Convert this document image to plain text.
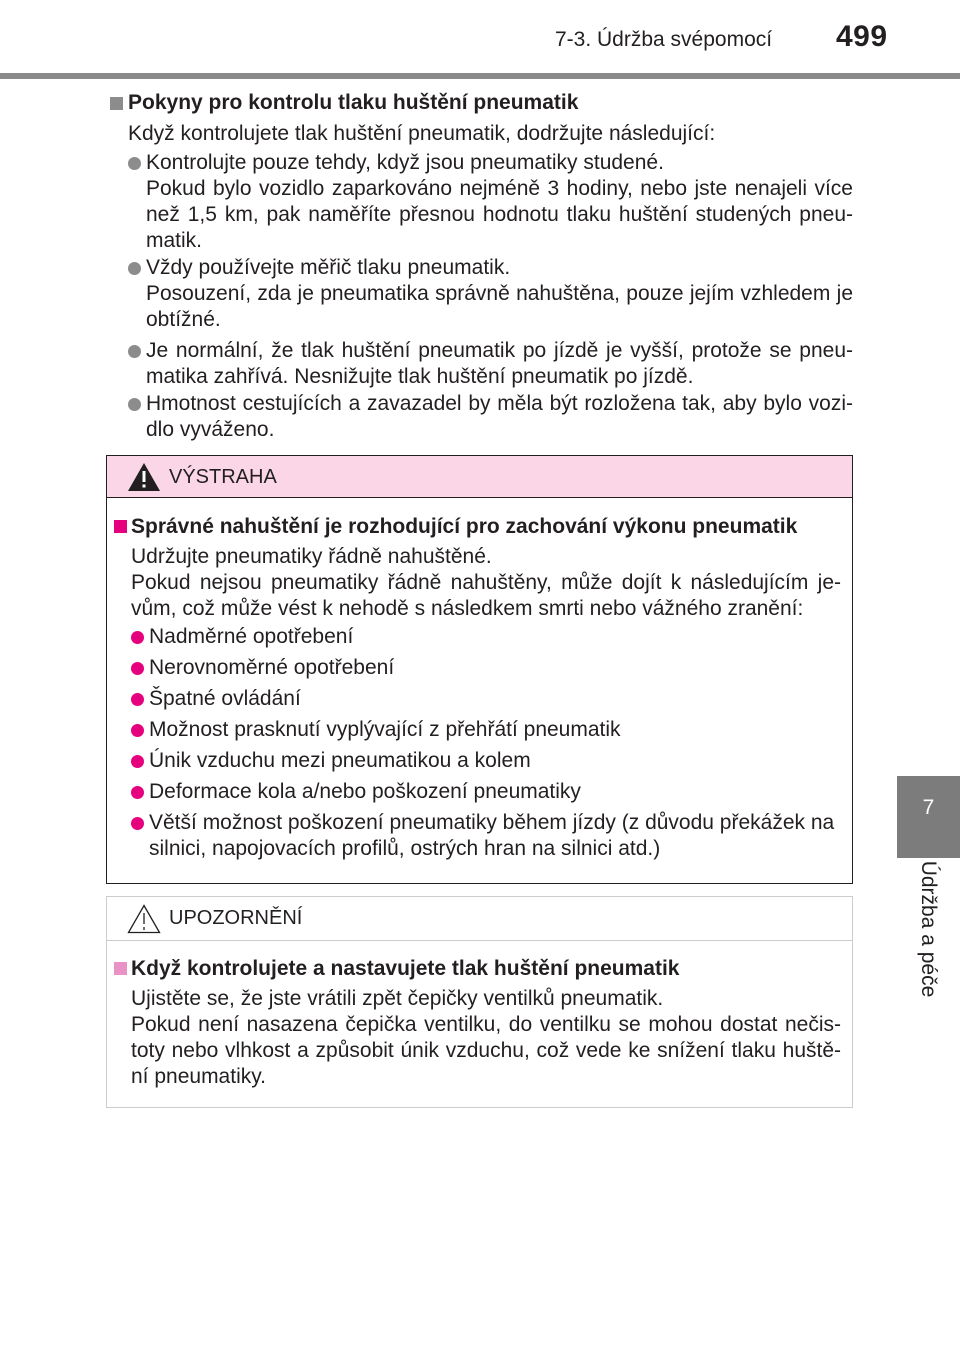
7-3. Údržba svépomocí 499
7
Údržba a péče
Pokyny pro kontrolu tlaku huštění pneumatik
Když kontrolujete tlak huštění pneumatik, dodržujte následující:
Kontrolujte pouze tehdy, když jsou pneumatiky studené.
Pokud bylo vozidlo zaparkováno nejméně 3 hodiny, nebo jste nenajeli více
než 1,5 km, pak naměříte přesnou hodnotu tlaku huštění studených pneu-
matik.
Vždy používejte měřič tlaku pneumatik.
Posouzení, zda je pneumatika správně nahuštěna, pouze jejím vzhledem je
obtížné.
Je normální, že tlak huštění pneumatik po jízdě je vyšší, protože se pneu-
matika zahřívá. Nesnižujte tlak huštění pneumatik po jízdě.
Hmotnost cestujících a zavazadel by měla být rozložena tak, aby bylo vozi-
dlo vyváženo.
VÝSTRAHA
Správné nahuštění je rozhodující pro zachování výkonu pneumatik
Udržujte pneumatiky řádně nahuštěné.
Pokud nejsou pneumatiky řádně nahuštěny, může dojít k následujícím je-
vům, což může vést k nehodě s následkem smrti nebo vážného zranění:
Nadměrné opotřebení
Nerovnoměrné opotřebení
Špatné ovládání
Možnost prasknutí vyplývající z přehřátí pneumatik
Únik vzduchu mezi pneumatikou a kolem
Deformace kola a/nebo poškození pneumatiky
Větší možnost poškození pneumatiky během jízdy (z důvodu překážek na
silnici, napojovacích profilů, ostrých hran na silnici atd.)
UPOZORNĚNÍ
Když kontrolujete a nastavujete tlak huštění pneumatik
Ujistěte se, že jste vrátili zpět čepičky ventilků pneumatik.
Pokud není nasazena čepička ventilku, do ventilku se mohou dostat nečis-
toty nebo vlhkost a způsobit únik vzduchu, což vede ke snížení tlaku huště-
ní pneumatiky.
